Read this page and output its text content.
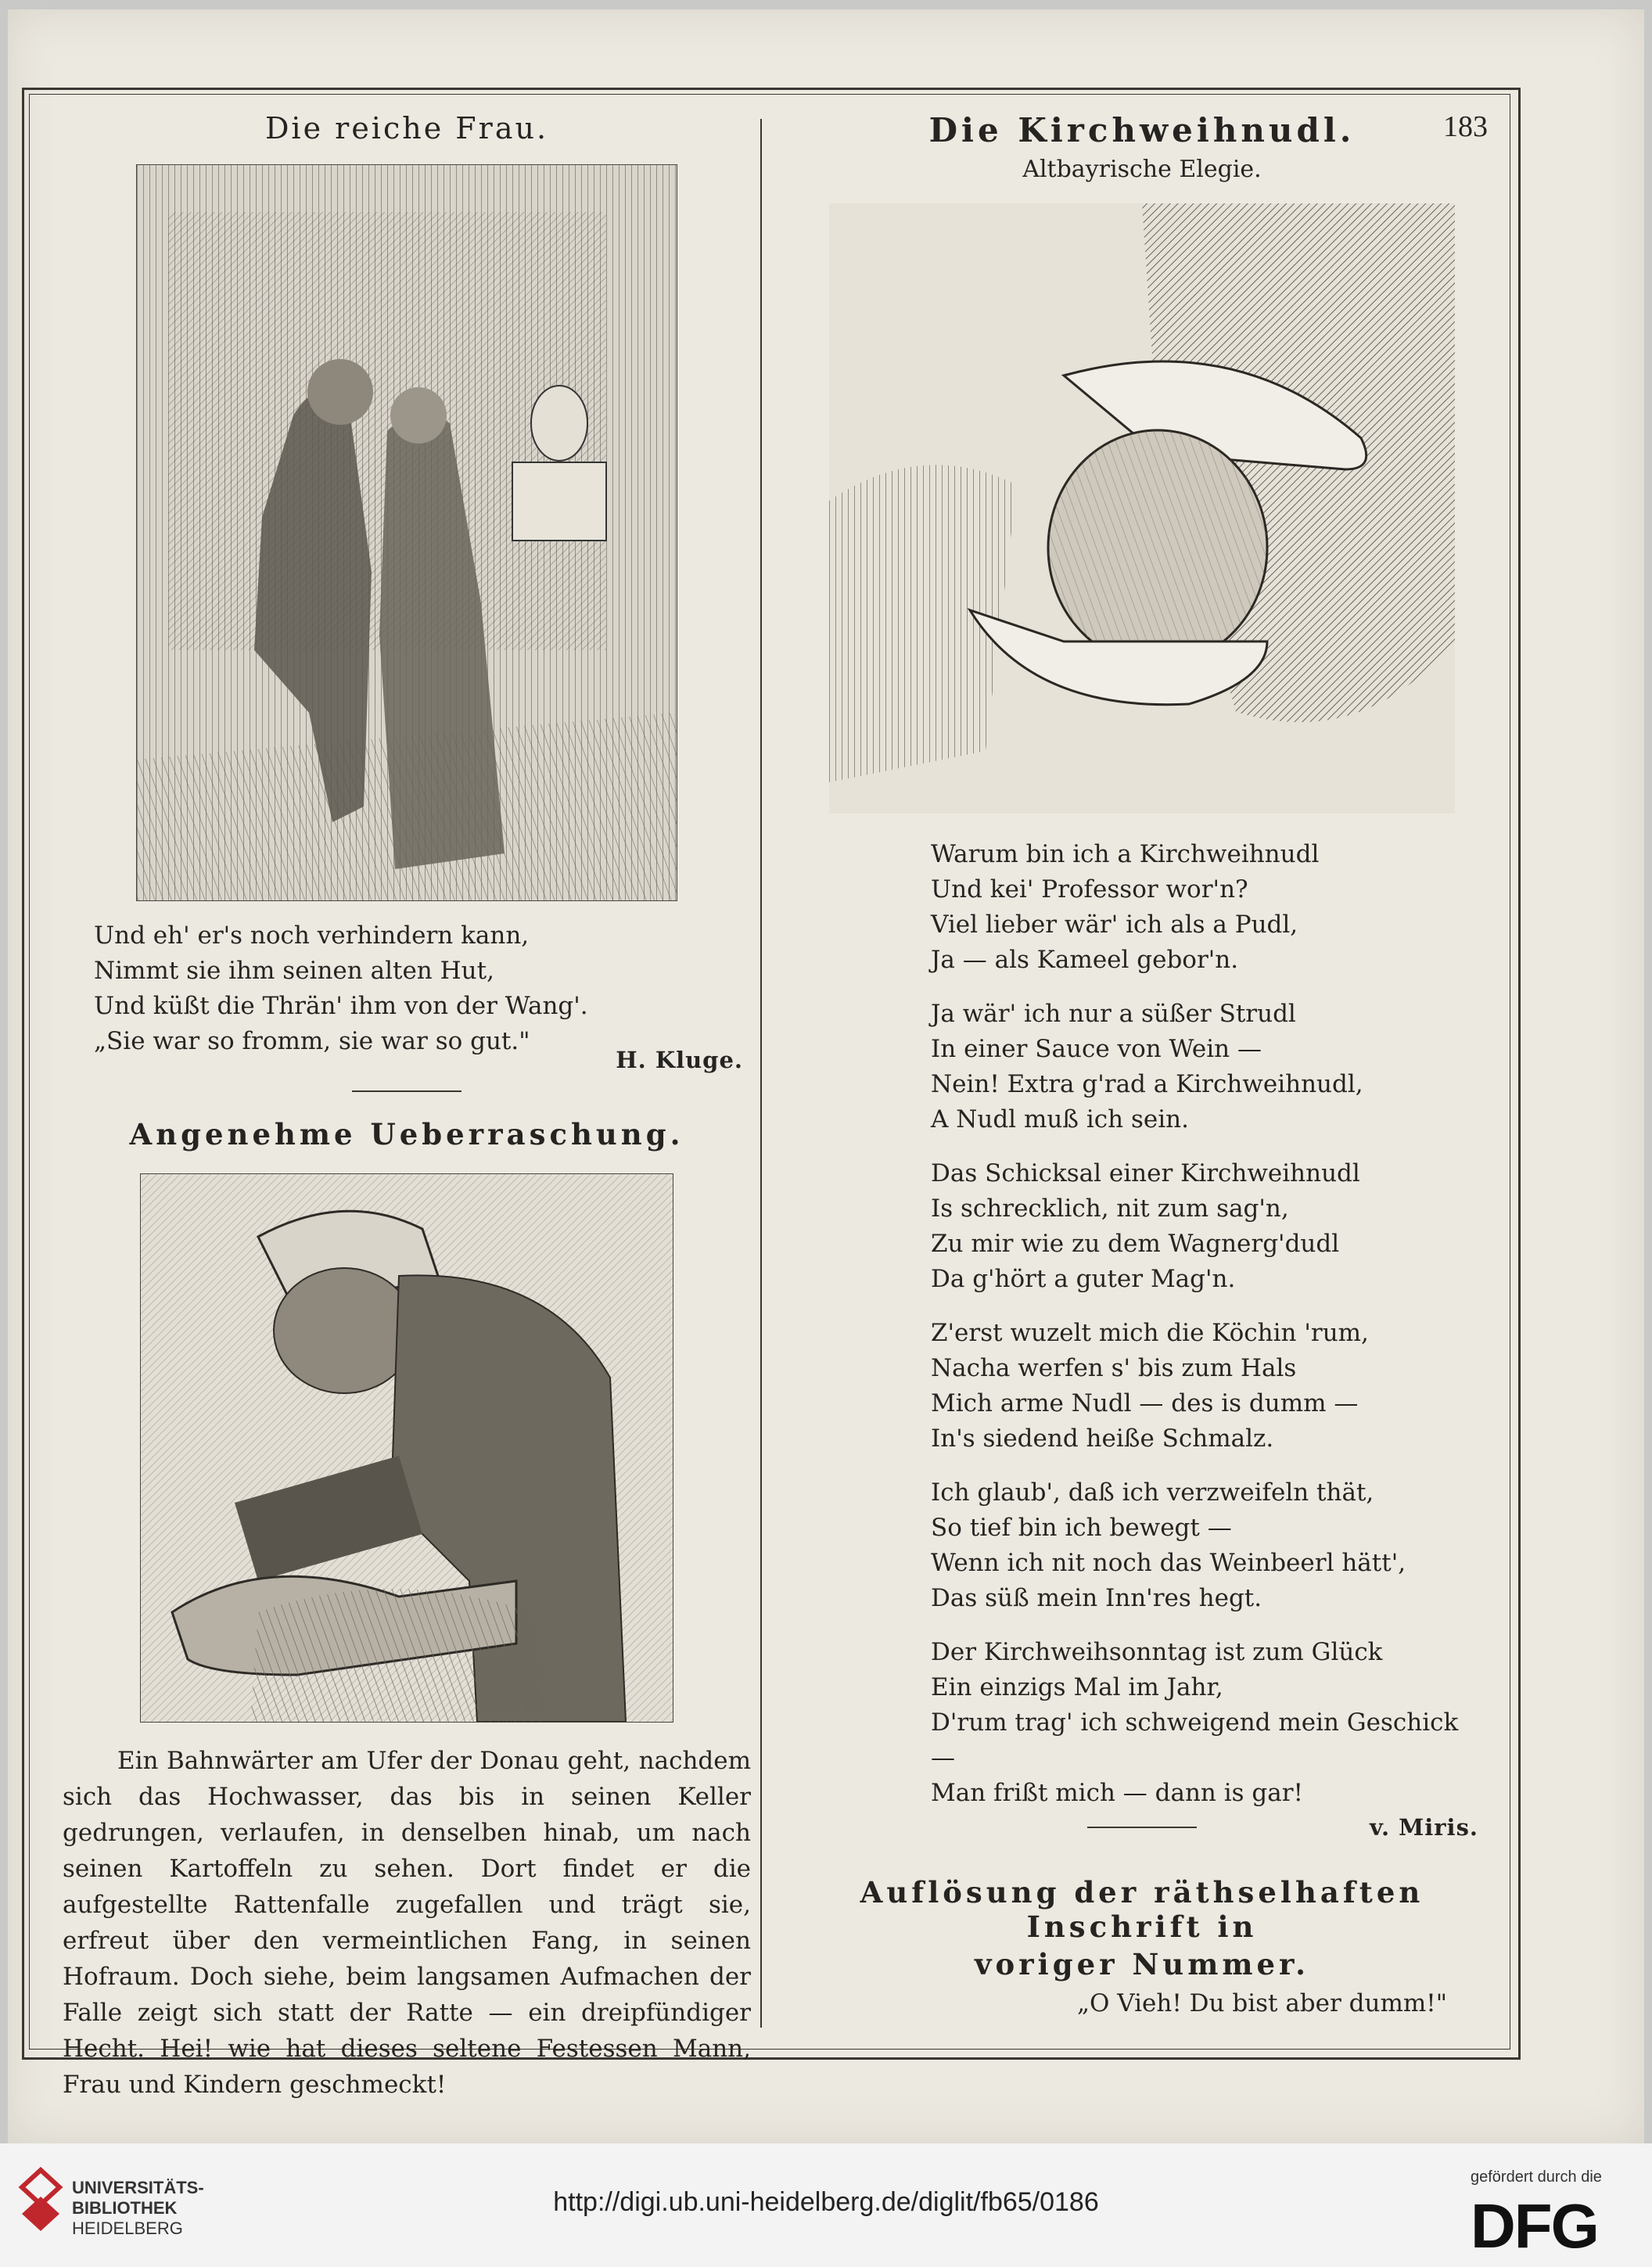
183
Die reiche Frau.

Und eh' er's noch verhindern kann,

Nimmt sie ihm seinen alten Hut,

Und küßt die Thrän' ihm von der Wang'.

„Sie war so fromm, sie war so gut."

H. Kluge.
Angenehme Ueberraschung.

Ein Bahnwärter am Ufer der Donau geht, nachdem sich das Hochwasser, das bis in seinen Keller gedrungen, verlaufen, in denselben hinab, um nach seinen Kartoffeln zu sehen. Dort findet er die aufgestellte Rattenfalle zugefallen und trägt sie, erfreut über den vermeintlichen Fang, in seinen Hofraum. Doch siehe, beim langsamen Aufmachen der Falle zeigt sich statt der Ratte — ein dreipfündiger Hecht. Hei! wie hat dieses seltene Festessen Mann, Frau und Kindern geschmeckt!

Die Kirchweihnudl.
Altbayrische Elegie.

Warum bin ich a Kirchweihnudl

Und kei' Professor wor'n?

Viel lieber wär' ich als a Pudl,

Ja — als Kameel gebor'n.

Ja wär' ich nur a süßer Strudl

In einer Sauce von Wein —

Nein! Extra g'rad a Kirchweihnudl,

A Nudl muß ich sein.

Das Schicksal einer Kirchweihnudl

Is schrecklich, nit zum sag'n,

Zu mir wie zu dem Wagnerg'dudl

Da g'hört a guter Mag'n.

Z'erst wuzelt mich die Köchin 'rum,

Nacha werfen s' bis zum Hals

Mich arme Nudl — des is dumm —

In's siedend heiße Schmalz.

Ich glaub', daß ich verzweifeln thät,

So tief bin ich bewegt —

Wenn ich nit noch das Weinbeerl hätt',

Das süß mein Inn'res hegt.

Der Kirchweihsonntag ist zum Glück

Ein einzigs Mal im Jahr,

D'rum trag' ich schweigend mein Geschick —

Man frißt mich — dann is gar!

v. Miris.
Auflösung der räthselhaften Inschrift in
voriger Nummer.

„O Vieh! Du bist aber dumm!"

UNIVERSITÄTS-
BIBLIOTHEK
HEIDELBERG
http://digi.ub.uni-heidelberg.de/diglit/fb65/0186
gefördert durch die
DFG
